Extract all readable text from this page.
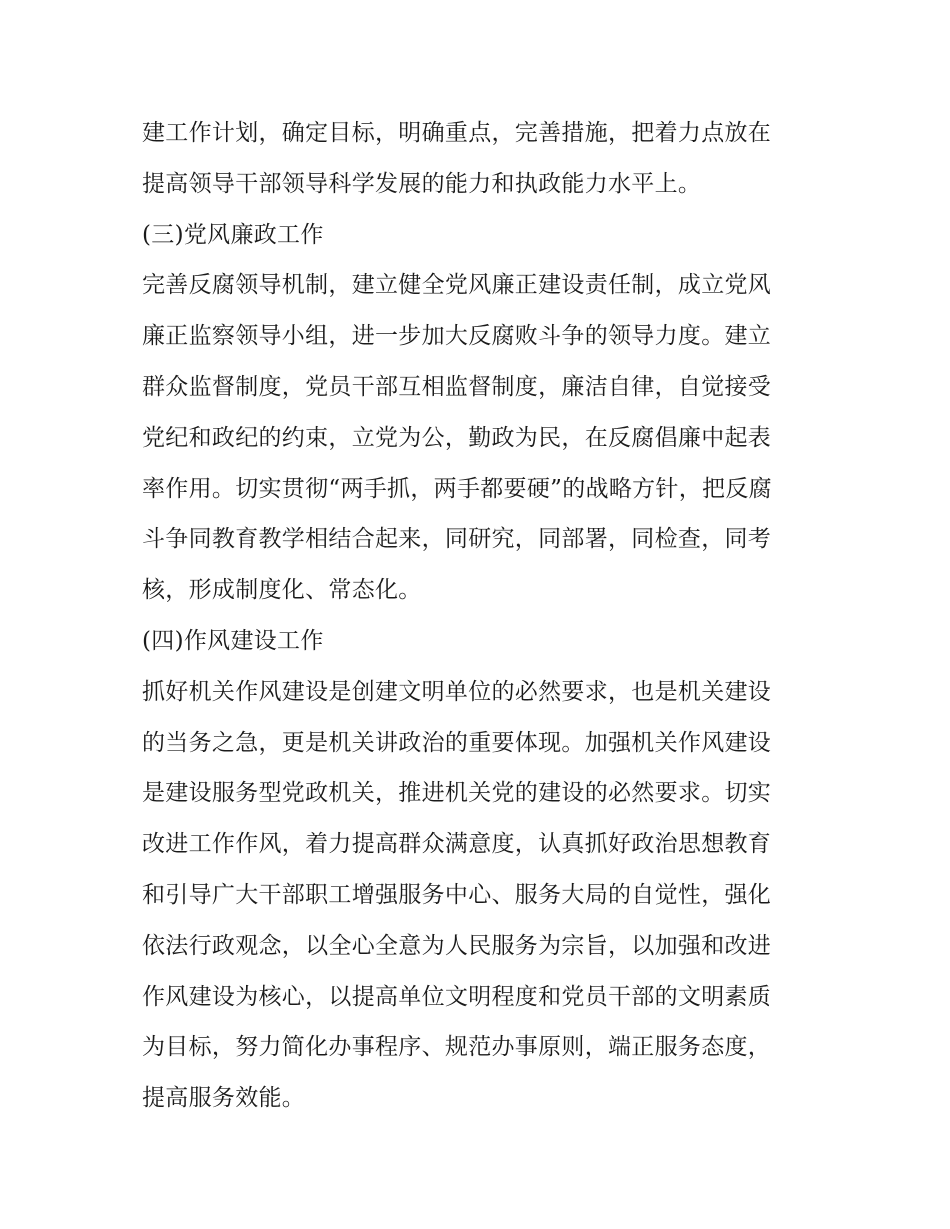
建工作计划，确定目标，明确重点，完善措施，把着力点放在
提高领导干部领导科学发展的能力和执政能力水平上。
(三)党风廉政工作
完善反腐领导机制，建立健全党风廉正建设责任制，成立党风
廉正监察领导小组，进一步加大反腐败斗争的领导力度。建立
群众监督制度，党员干部互相监督制度，廉洁自律，自觉接受
党纪和政纪的约束，立党为公，勤政为民，在反腐倡廉中起表
率作用。切实贯彻“两手抓，两手都要硬”的战略方针，把反腐
斗争同教育教学相结合起来，同研究，同部署，同检查，同考
核，形成制度化、常态化。
(四)作风建设工作
抓好机关作风建设是创建文明单位的必然要求，也是机关建设
的当务之急，更是机关讲政治的重要体现。加强机关作风建设
是建设服务型党政机关，推进机关党的建设的必然要求。切实
改进工作作风，着力提高群众满意度，认真抓好政治思想教育
和引导广大干部职工增强服务中心、服务大局的自觉性，强化
依法行政观念，以全心全意为人民服务为宗旨，以加强和改进
作风建设为核心，以提高单位文明程度和党员干部的文明素质
为目标，努力简化办事程序、规范办事原则，端正服务态度，
提高服务效能。
